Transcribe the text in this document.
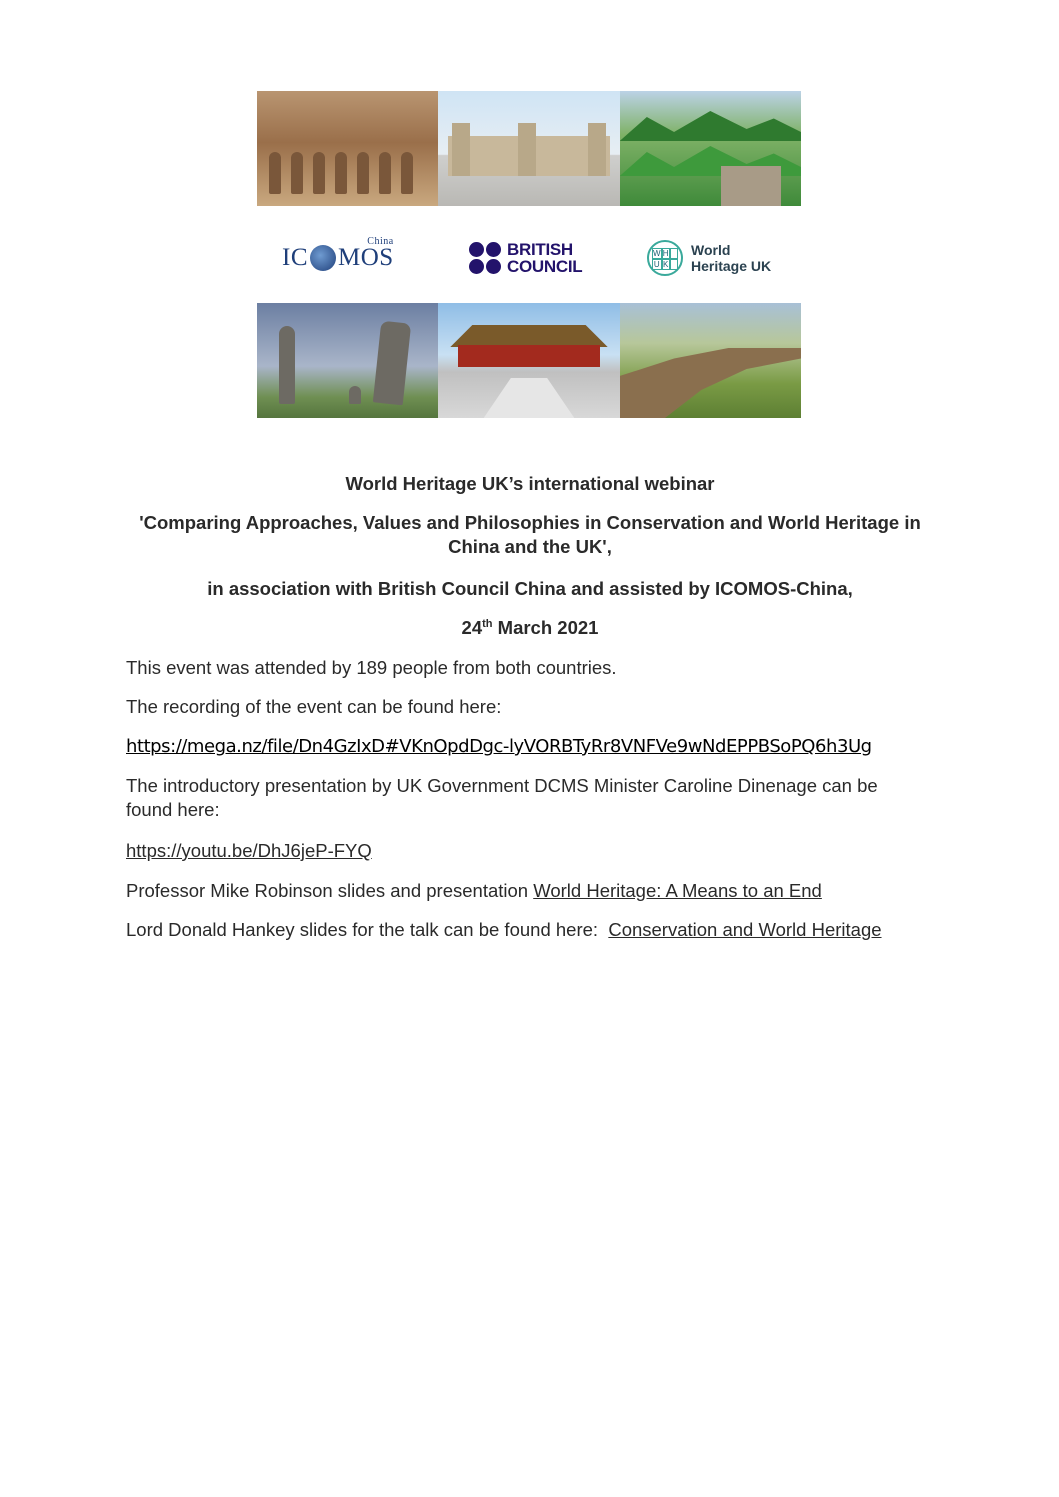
IC MOS
China	BRITISH
COUNCIL
W H
U K
World
Heritage UK
World Heritage UK’s international webinar
'Comparing Approaches, Values and Philosophies in Conservation and World Heritage in China and the UK',
in association with British Council China and assisted by ICOMOS-China,
24th March 2021
This event was attended by 189 people from both countries.
The recording of the event can be found here:
https://mega.nz/file/Dn4GzIxD#VKnOpdDgc-lyVORBTyRr8VNFVe9wNdEPPBSoPQ6h3Ug
The introductory presentation by UK Government DCMS Minister Caroline Dinenage can be found here:
https://youtu.be/DhJ6jeP-FYQ
Professor Mike Robinson slides and presentation World Heritage: A Means to an End
Lord Donald Hankey slides for the talk can be found here:  Conservation and World Heritage
